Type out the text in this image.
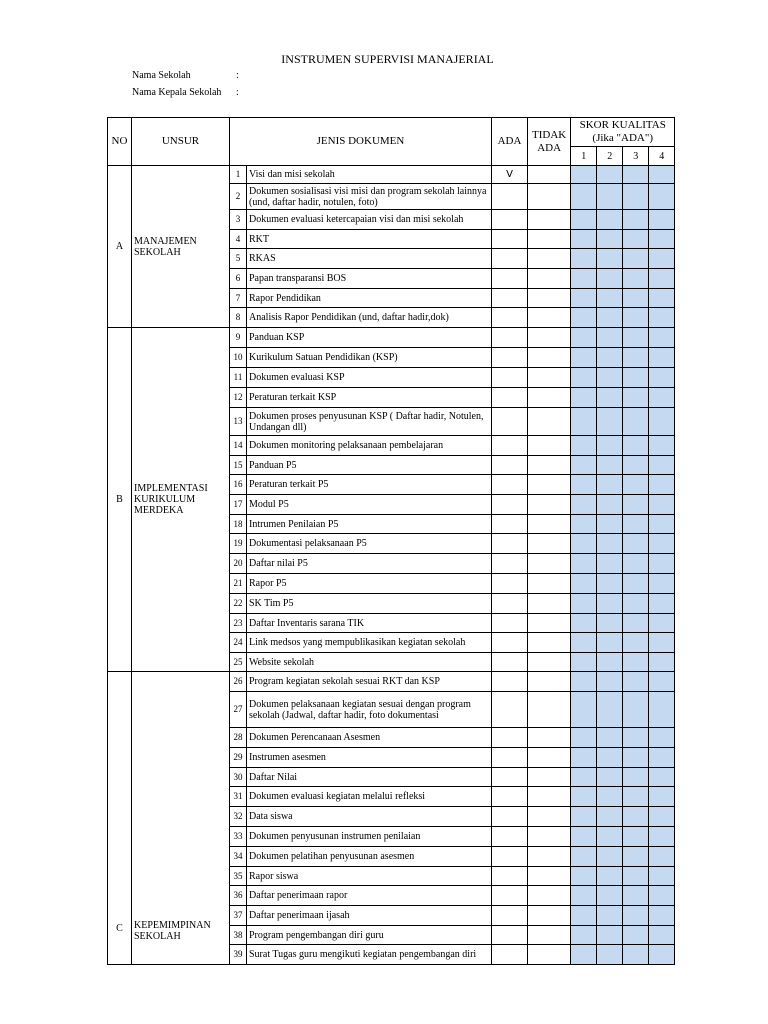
INSTRUMEN SUPERVISI MANAJERIAL
Nama Sekolah	:
Nama Kepala Sekolah :
NO	UNSUR	JENIS DOKUMEN		ADA	TIDAK ADA	SKOR KUALITAS (Jika "ADA")			

						1	2	3	4
A	MANAJEMEN SEKOLAH	1	Visi dan misi sekolah	V					
		2	Dokumen sosialisasi visi misi dan program sekolah lainnya (und, daftar hadir, notulen, foto)						
		3	Dokumen evaluasi ketercapaian visi dan misi sekolah						
		4	RKT						
		5	RKAS						
		6	Papan transparansi BOS						
		7	Rapor Pendidikan						
		8	Analisis Rapor Pendidikan (und, daftar hadir,dok)						
B	IMPLEMENTASI KURIKULUM MERDEKA	9	Panduan KSP						
		10	Kurikulum Satuan Pendidikan (KSP)						
		11	Dokumen evaluasi KSP						
		12	Peraturan terkait KSP						
		13	Dokumen proses penyusunan KSP ( Daftar hadir, Notulen, Undangan dll)						
		14	Dokumen monitoring pelaksanaan pembelajaran						
		15	Panduan P5						
		16	Peraturan terkait P5						
		17	Modul P5						
		18	Intrumen Penilaian P5						
		19	Dokumentasi pelaksanaan P5						
		20	Daftar nilai P5						
		21	Rapor P5						
		22	SK Tim P5						
		23	Daftar Inventaris sarana TIK						
		24	Link medsos yang mempublikasikan kegiatan sekolah						
		25	Website sekolah						
C	KEPEMIMPINAN SEKOLAH	26	Program kegiatan sekolah sesuai RKT dan KSP						
		27	Dokumen pelaksanaan kegiatan sesuai dengan program sekolah (Jadwal, daftar hadir, foto dokumentasi						
		28	Dokumen Perencanaan Asesmen						
		29	Instrumen asesmen						
		30	Daftar Nilai						
		31	Dokumen evaluasi kegiatan melalui refleksi						
		32	Data siswa						
		33	Dokumen penyusunan instrumen penilaian						
		34	Dokumen pelatihan penyusunan asesmen						
		35	Rapor siswa						
		36	Daftar penerimaan rapor						
		37	Daftar penerimaan ijasah						
		38	Program pengembangan diri guru						
		39	Surat Tugas guru mengikuti kegiatan pengembangan diri						
